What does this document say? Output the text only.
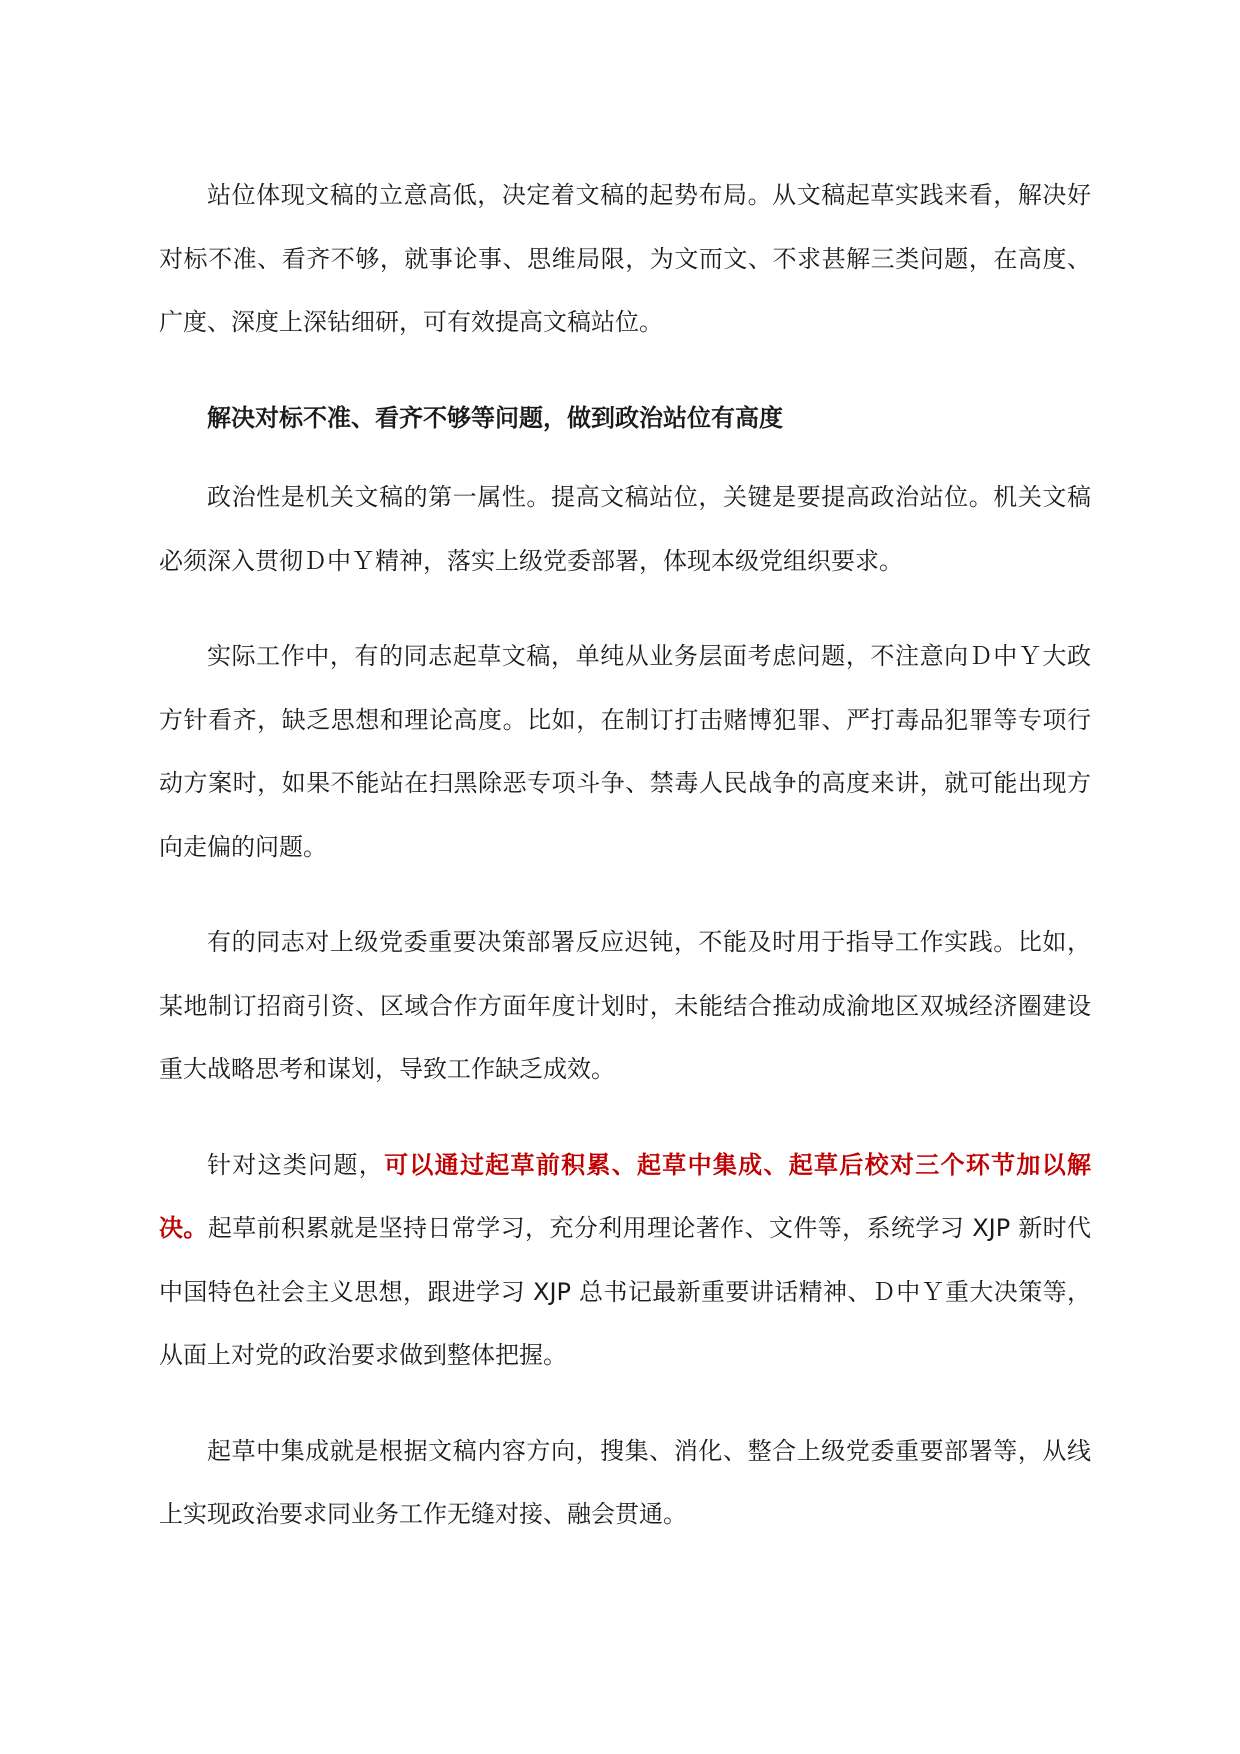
站位体现文稿的立意高低，决定着文稿的起势布局。从文稿起草实践来看，解决好对标不准、看齐不够，就事论事、思维局限，为文而文、不求甚解三类问题，在高度、广度、深度上深钻细研，可有效提高文稿站位。

解决对标不准、看齐不够等问题，做到政治站位有高度

政治性是机关文稿的第一属性。提高文稿站位，关键是要提高政治站位。机关文稿必须深入贯彻Ｄ中Ｙ精神，落实上级党委部署，体现本级党组织要求。

实际工作中，有的同志起草文稿，单纯从业务层面考虑问题，不注意向Ｄ中Ｙ大政方针看齐，缺乏思想和理论高度。比如，在制订打击赌博犯罪、严打毒品犯罪等专项行动方案时，如果不能站在扫黑除恶专项斗争、禁毒人民战争的高度来讲，就可能出现方向走偏的问题。

有的同志对上级党委重要决策部署反应迟钝，不能及时用于指导工作实践。比如，某地制订招商引资、区域合作方面年度计划时，未能结合推动成渝地区双城经济圈建设重大战略思考和谋划，导致工作缺乏成效。

针对这类问题，可以通过起草前积累、起草中集成、起草后校对三个环节加以解决。起草前积累就是坚持日常学习，充分利用理论著作、文件等，系统学习 XJP 新时代中国特色社会主义思想，跟进学习 XJP 总书记最新重要讲话精神、Ｄ中Ｙ重大决策等，从面上对党的政治要求做到整体把握。

起草中集成就是根据文稿内容方向，搜集、消化、整合上级党委重要部署等，从线上实现政治要求同业务工作无缝对接、融会贯通。
